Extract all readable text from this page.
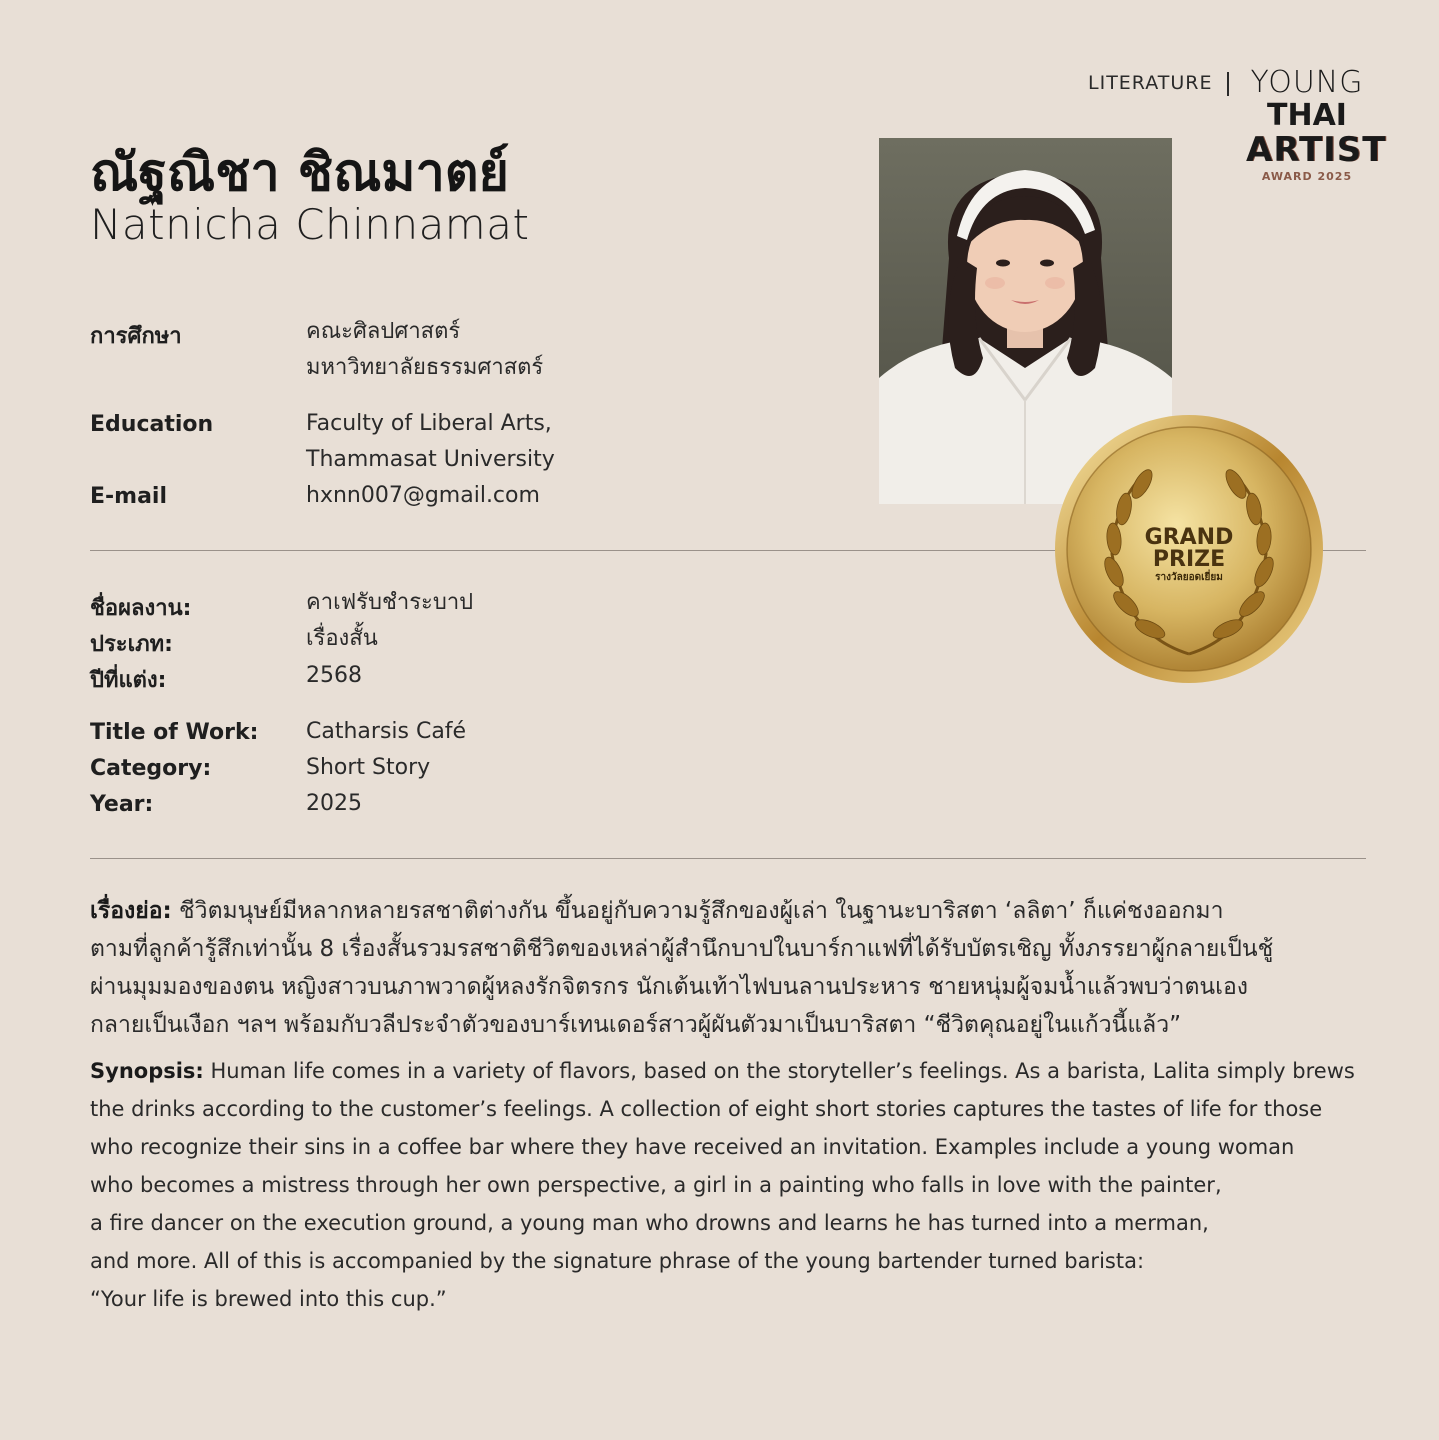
LITERATURE YOUNG
THAI
ARTIST
AWARD 2025
ณัฐณิชา ชิณมาตย์
Natnicha Chinnamat
การศึกษา	คณะศิลปศาสตร์
มหาวิทยาลัยธรรมศาสตร์
Education	Faculty of Liberal Arts,
Thammasat University
E-mail	hxnn007@gmail.com
ชื่อผลงาน:	คาเฟรับชำระบาป
ประเภท:	เรื่องสั้น
ปีที่แต่ง:	2568
Title of Work: Catharsis Café
Category:	Short Story
Year:	2025
GRAND
PRIZE
รางวัลยอดเยี่ยม
เรื่องย่อ: ชีวิตมนุษย์มีหลากหลายรสชาติต่างกัน ขึ้นอยู่กับความรู้สึกของผู้เล่า ในฐานะบาริสตา ‘ลลิตา’ ก็แค่ชงออกมา
ตามที่ลูกค้ารู้สึกเท่านั้น 8 เรื่องสั้นรวมรสชาติชีวิตของเหล่าผู้สำนึกบาปในบาร์กาแฟที่ได้รับบัตรเชิญ ทั้งภรรยาผู้กลายเป็นชู้
ผ่านมุมมองของตน หญิงสาวบนภาพวาดผู้หลงรักจิตรกร นักเต้นเท้าไฟบนลานประหาร ชายหนุ่มผู้จมน้ำแล้วพบว่าตนเอง
กลายเป็นเงือก ฯลฯ พร้อมกับวลีประจำตัวของบาร์เทนเดอร์สาวผู้ผันตัวมาเป็นบาริสตา “ชีวิตคุณอยู่ในแก้วนี้แล้ว”
Synopsis: Human life comes in a variety of flavors, based on the storyteller’s feelings. As a barista, Lalita simply brews
the drinks according to the customer’s feelings. A collection of eight short stories captures the tastes of life for those
who recognize their sins in a coffee bar where they have received an invitation. Examples include a young woman
who becomes a mistress through her own perspective, a girl in a painting who falls in love with the painter,
a fire dancer on the execution ground, a young man who drowns and learns he has turned into a merman,
and more. All of this is accompanied by the signature phrase of the young bartender turned barista:
“Your life is brewed into this cup.”
